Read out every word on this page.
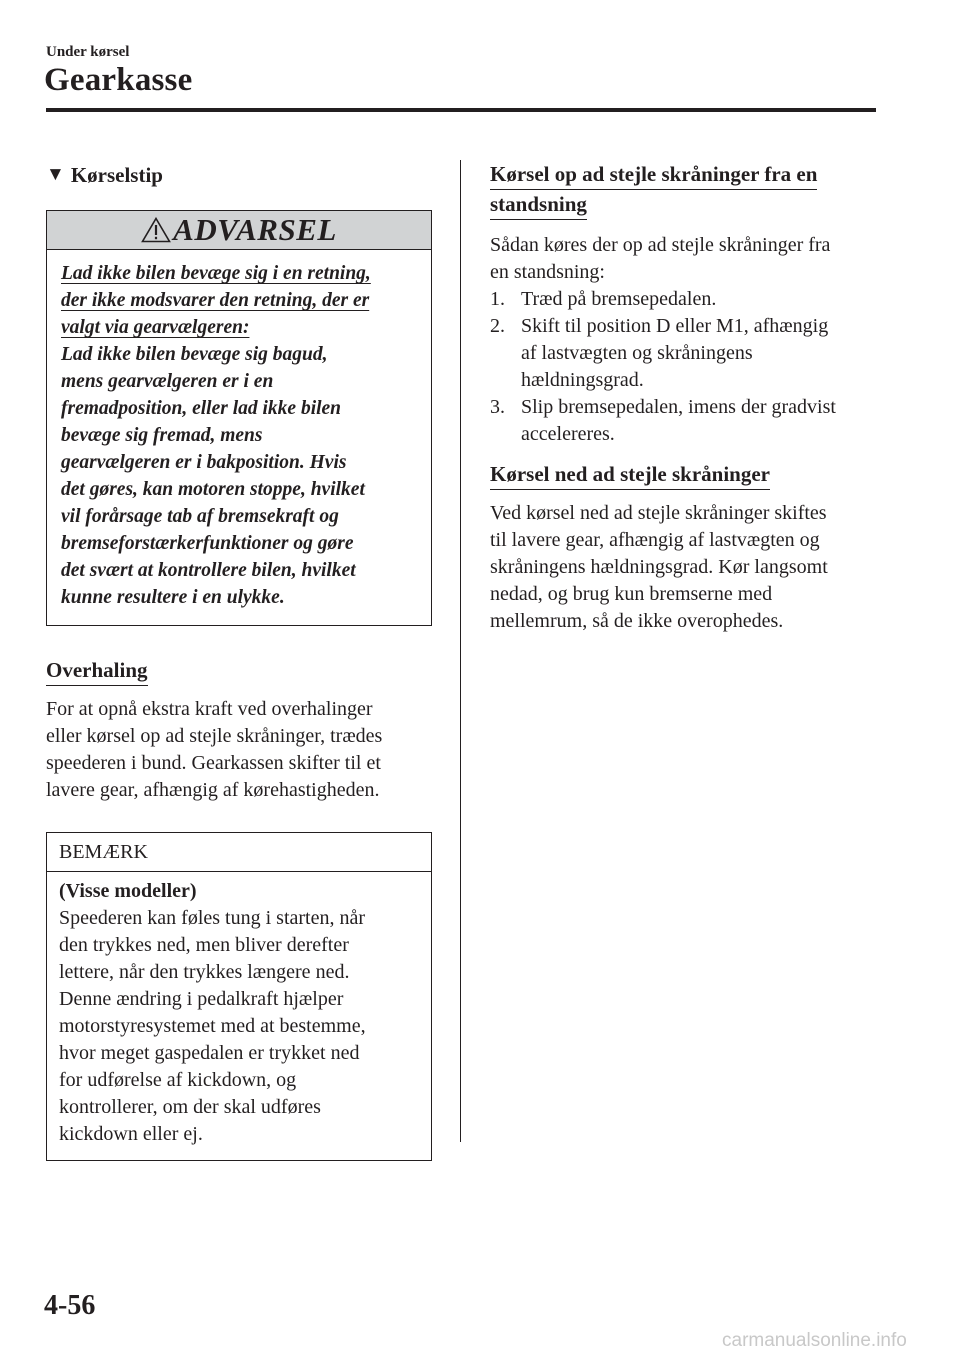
Under kørsel
Gearkasse
▼ Kørselstip
ADVARSEL
Lad ikke bilen bevæge sig i en retning,
der ikke modsvarer den retning, der er
valgt via gearvælgeren:
Lad ikke bilen bevæge sig bagud,
mens gearvælgeren er i en
fremadposition, eller lad ikke bilen
bevæge sig fremad, mens
gearvælgeren er i bakposition. Hvis
det gøres, kan motoren stoppe, hvilket
vil forårsage tab af bremsekraft og
bremseforstærkerfunktioner og gøre
det svært at kontrollere bilen, hvilket
kunne resultere i en ulykke.
Overhaling
For at opnå ekstra kraft ved overhalinger
eller kørsel op ad stejle skråninger, trædes
speederen i bund. Gearkassen skifter til et
lavere gear, afhængig af kørehastigheden.
BEMÆRK
(Visse modeller)
Speederen kan føles tung i starten, når
den trykkes ned, men bliver derefter
lettere, når den trykkes længere ned.
Denne ændring i pedalkraft hjælper
motorstyresystemet med at bestemme,
hvor meget gaspedalen er trykket ned
for udførelse af kickdown, og
kontrollerer, om der skal udføres
kickdown eller ej.
Kørsel op ad stejle skråninger fra en
standsning
Sådan køres der op ad stejle skråninger fra
en standsning:
1. Træd på bremsepedalen.
2. Skift til position D eller M1, afhængig
af lastvægten og skråningens
hældningsgrad.
3. Slip bremsepedalen, imens der gradvist
accelereres.
Kørsel ned ad stejle skråninger
Ved kørsel ned ad stejle skråninger skiftes
til lavere gear, afhængig af lastvægten og
skråningens hældningsgrad. Kør langsomt
nedad, og brug kun bremserne med
mellemrum, så de ikke overophedes.
4-56
carmanualsonline.info
